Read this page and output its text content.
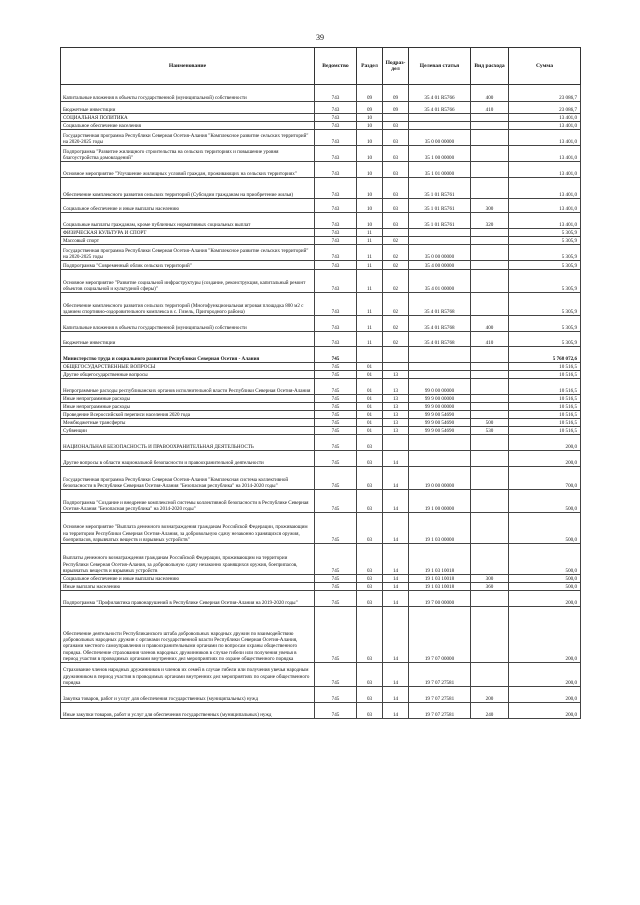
39
Наименование	Ведомство	Раздел	Подраз-дел	Целевая статья	Вид расхода	Сумма
Капитальные вложения в объекты государственной (муниципальной) собственности	743	09	09	35 4 01 R5766	400	23 086,7
Бюджетные инвестиции	743	09	09	35 4 01 R5766	410	23 086,7
СОЦИАЛЬНАЯ ПОЛИТИКА	743	10				13 401,0
Социальное обеспечение населения	743	10	03			13 401,0
Государственная программа Республики Северная Осетия-Алания "Комплексное развитие сельских территорий" на 2020-2025 годы	743	10	03	35 0 00 00000		13 401,0
Подпрограмма "Развитие жилищного строительства на сельских территориях и повышение уровня благоустройства домовладений"	743	10	03	35 1 00 00000		13 401,0
Основное мероприятие "Улучшение жилищных условий граждан, проживающих на сельских территориях"	743	10	03	35 1 01 00000		13 401,0
Обеспечение комплексного развития сельских территорий (Субсидии гражданам на приобретение жилья)	743	10	03	35 1 01 R5761		13 401,0
Социальное обеспечение и иные выплаты населению	743	10	03	35 1 01 R5761	300	13 401,0
Социальные выплаты гражданам, кроме публичных нормативных социальных выплат	743	10	03	35 1 01 R5761	320	13 401,0
ФИЗИЧЕСКАЯ КУЛЬТУРА И СПОРТ	743	11				5 305,9
Массовый спорт	743	11	02			5 305,9
Государственная программа Республики Северная Осетия-Алания "Комплексное развитие сельских территорий" на 2020-2025 годы	743	11	02	35 0 00 00000		5 305,9
Подпрограмма "Современный облик сельских территорий"	743	11	02	35 4 00 00000		5 305,9
Основное мероприятие "Развитие социальной инфраструктуры (создание, реконструкция, капитальный ремонт объектов социальной и культурной сферы)"	743	11	02	35 4 01 00000		5 305,9
Обеспечение комплексного развития сельских территорий (Многофункциональная игровая площадка 800 м2 с зданием спортивно-оздоровительного комплекса в с. Гизель, Пригородного района)	743	11	02	35 4 01 R5768		5 305,9
Капитальные вложения в объекты государственной (муниципальной) собственности	743	11	02	35 4 01 R5768	400	5 305,9
Бюджетные инвестиции	743	11	02	35 4 01 R5768	410	5 305,9
Министерство труда и социального развития Республики Северная Осетия - Алания	745					5 768 072,6
ОБЩЕГОСУДАРСТВЕННЫЕ ВОПРОСЫ	745	01				10 516,5
Другие общегосударственные вопросы	745	01	13			10 516,5
Непрограммные расходы республиканских органов исполнительной власти Республики Северная Осетия-Алания	745	01	13	99 0 00 00000		10 516,5
Иные непрограммные расходы	745	01	13	99 9 00 00000		10 516,5
Иные непрограммные расходы	745	01	13	99 9 00 00000		10 516,5
Проведение Всероссийской переписи населения 2020 года	745	01	13	99 9 00 54690		10 516,5
Межбюджетные трансферты	745	01	13	99 9 00 54690	500	10 516,5
Субвенции	745	01	13	99 9 00 54690	530	10 516,5
НАЦИОНАЛЬНАЯ БЕЗОПАСНОСТЬ И ПРАВООХРАНИТЕЛЬНАЯ ДЕЯТЕЛЬНОСТЬ	745	03				200,0
Другие вопросы в области национальной безопасности и правоохранительной деятельности	745	03	14			200,0
Государственная программа Республики Северная Осетия-Алания "Комплексная система коллективной безопасности в Республике Северная Осетия-Алания "Безопасная республика" на 2014-2020 годы"	745	03	14	19 0 00 00000		700,0
Подпрограмма "Создание и внедрение комплексной системы коллективной безопасности в Республике Северная Осетия-Алания "Безопасная республика" на 2014-2020 годы"	745	03	14	19 1 00 00000		500,0
Основное мероприятие "Выплата денежного вознаграждения гражданам Российской Федерации, проживающим на территории Республики Северная Осетия-Алания, за добровольную сдачу незаконно хранящихся оружия, боеприпасов, взрывчатых веществ и взрывных устройств"	745	03	14	19 1 03 00000		500,0
Выплаты денежного вознаграждения гражданам Российской Федерации, проживающим на территории Республики Северная Осетия-Алания, за добровольную сдачу незаконно хранящихся оружия, боеприпасов, взрывчатых веществ и взрывных устройств	745	03	14	19 1 03 10018		500,0
Социальное обеспечение и иные выплаты населению	745	03	14	19 1 03 10018	300	500,0
Иные выплаты населению	745	03	14	19 1 03 10018	360	500,0
Подпрограмма "Профилактика правонарушений в Республике Северная Осетия-Алания на 2019-2020 годы"	745	03	14	19 7 00 00000		200,0
Обеспечение деятельности Республиканского штаба добровольных народных дружин по взаимодействию добровольных народных дружин с органами государственной власти Республики Северная Осетия-Алания, органами местного самоуправления и правоохранительными органами по вопросам охраны общественного порядка. Обеспечение страхования членов народных дружинников в случае гибели или получения увечья в период участия в проводимых органами внутренних дел мероприятиях по охране общественного порядка	745	03	14	19 7 07 00000		200,0
Страхование членов народных дружинников и членов их семей в случае гибели или получения увечья народным дружинником в период участия в проводимых органами внутренних дел мероприятиях по охране общественного порядка	745	03	14	19 7 07 27581		200,0
Закупка товаров, работ и услуг для обеспечения государственных (муниципальных) нужд	745	03	14	19 7 07 27581	200	200,0
Иные закупки товаров, работ и услуг для обеспечения государственных (муниципальных) нужд	745	03	14	19 7 07 27581	240	200,0
